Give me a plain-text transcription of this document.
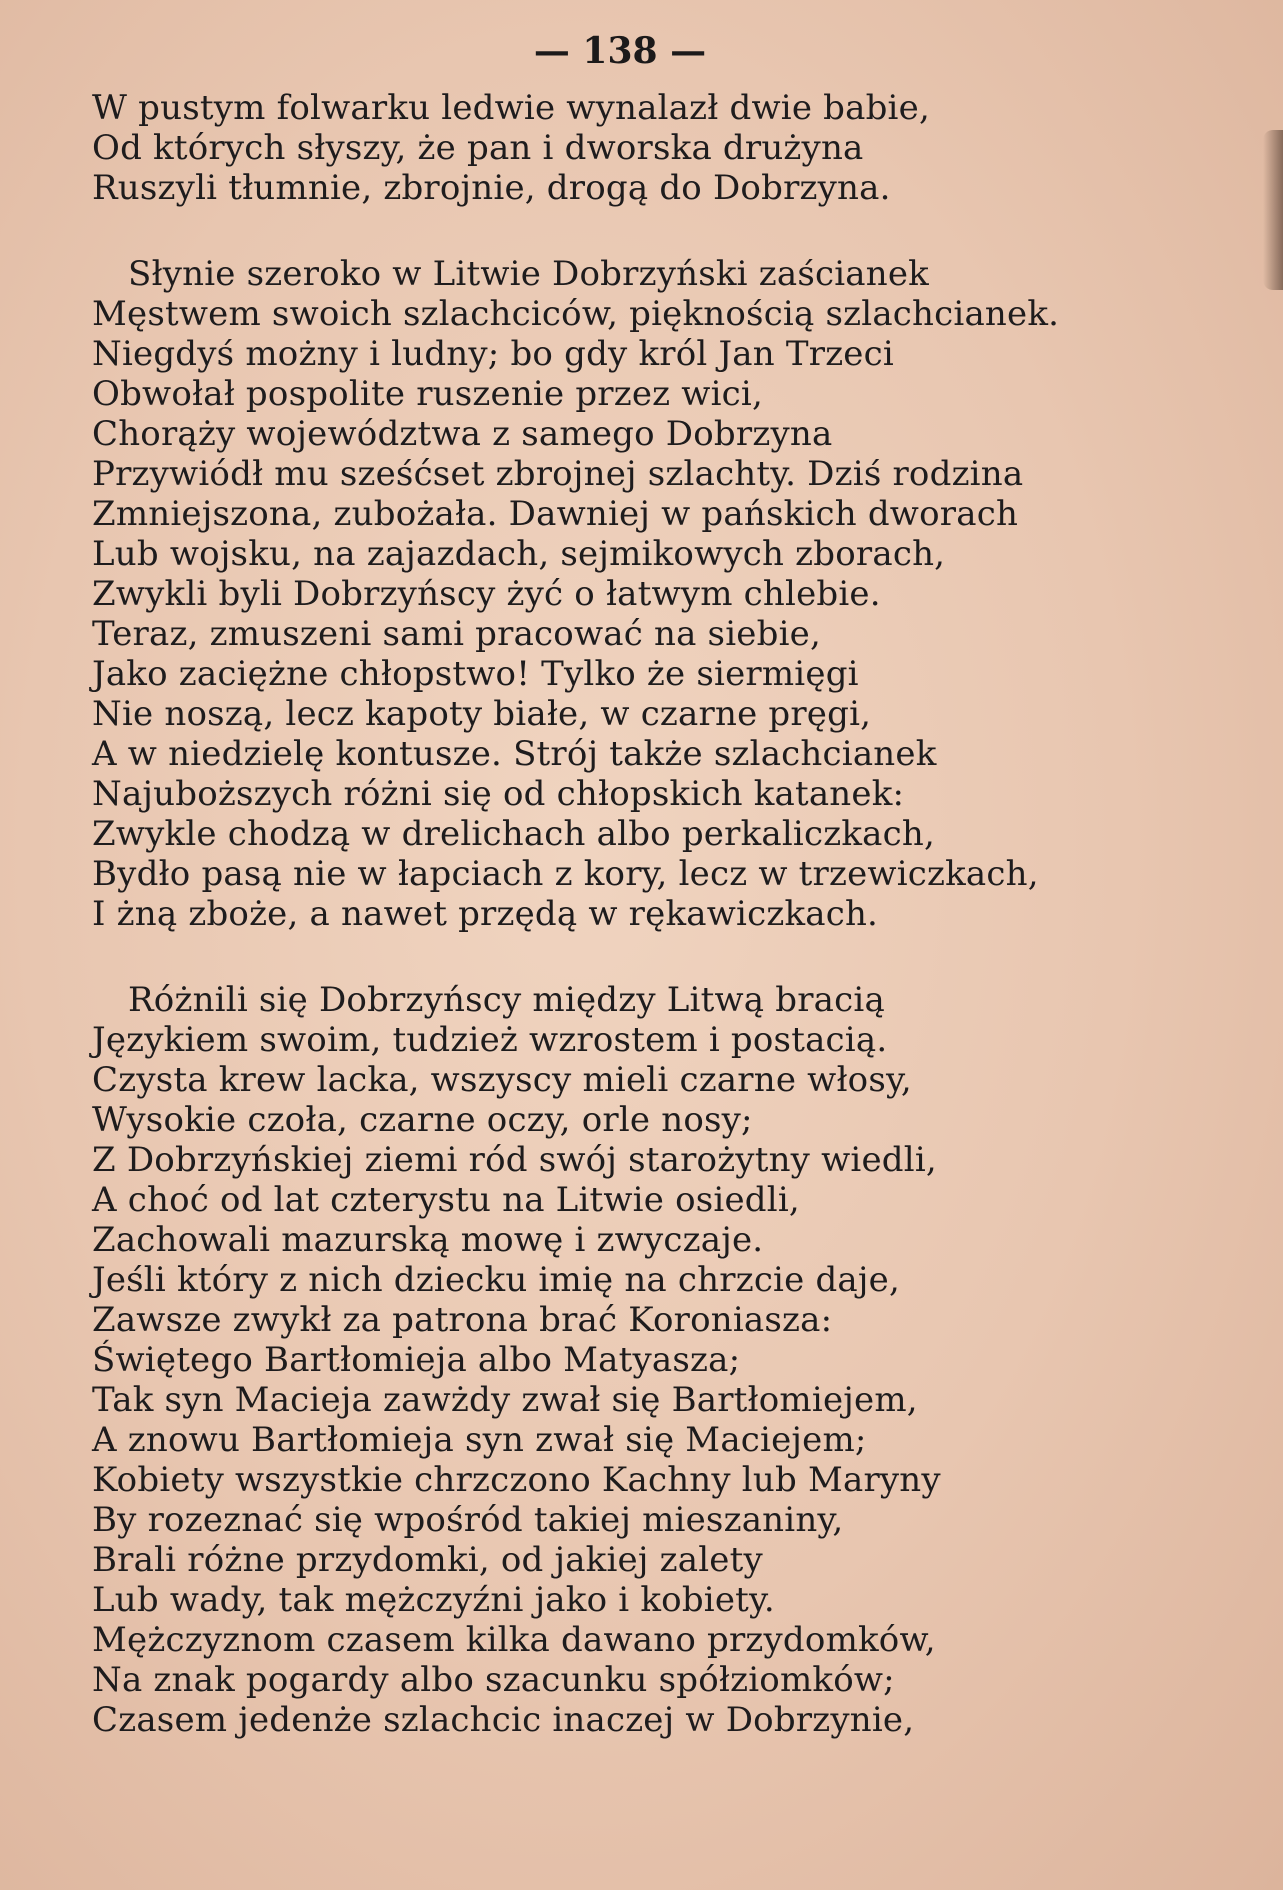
— 138 —
W pustym folwarku ledwie wynalazł dwie babie,
Od których słyszy, że pan i dworska drużyna
Ruszyli tłumnie, zbrojnie, drogą do Dobrzyna.
Słynie szeroko w Litwie Dobrzyński zaścianek
Męstwem swoich szlachciców, pięknością szlachcianek.
Niegdyś możny i ludny; bo gdy król Jan Trzeci
Obwołał pospolite ruszenie przez wici,
Chorąży województwa z samego Dobrzyna
Przywiódł mu sześćset zbrojnej szlachty. Dziś rodzina
Zmniejszona, zubożała. Dawniej w pańskich dworach
Lub wojsku, na zajazdach, sejmikowych zborach,
Zwykli byli Dobrzyńscy żyć o łatwym chlebie.
Teraz, zmuszeni sami pracować na siebie,
Jako zaciężne chłopstwo! Tylko że siermięgi
Nie noszą, lecz kapoty białe, w czarne pręgi,
A w niedzielę kontusze. Strój także szlachcianek
Najuboższych różni się od chłopskich katanek:
Zwykle chodzą w drelichach albo perkaliczkach,
Bydło pasą nie w łapciach z kory, lecz w trzewiczkach,
I żną zboże, a nawet przędą w rękawiczkach.
Różnili się Dobrzyńscy między Litwą bracią
Językiem swoim, tudzież wzrostem i postacią.
Czysta krew lacka, wszyscy mieli czarne włosy,
Wysokie czoła, czarne oczy, orle nosy;
Z Dobrzyńskiej ziemi ród swój starożytny wiedli,
A choć od lat czterystu na Litwie osiedli,
Zachowali mazurską mowę i zwyczaje.
Jeśli który z nich dziecku imię na chrzcie daje,
Zawsze zwykł za patrona brać Koroniasza:
Świętego Bartłomieja albo Matyasza;
Tak syn Macieja zawżdy zwał się Bartłomiejem,
A znowu Bartłomieja syn zwał się Maciejem;
Kobiety wszystkie chrzczono Kachny lub Maryny
By rozeznać się wpośród takiej mieszaniny,
Brali różne przydomki, od jakiej zalety
Lub wady, tak mężczyźni jako i kobiety.
Mężczyznom czasem kilka dawano przydomków,
Na znak pogardy albo szacunku spółziomków;
Czasem jedenże szlachcic inaczej w Dobrzynie,
